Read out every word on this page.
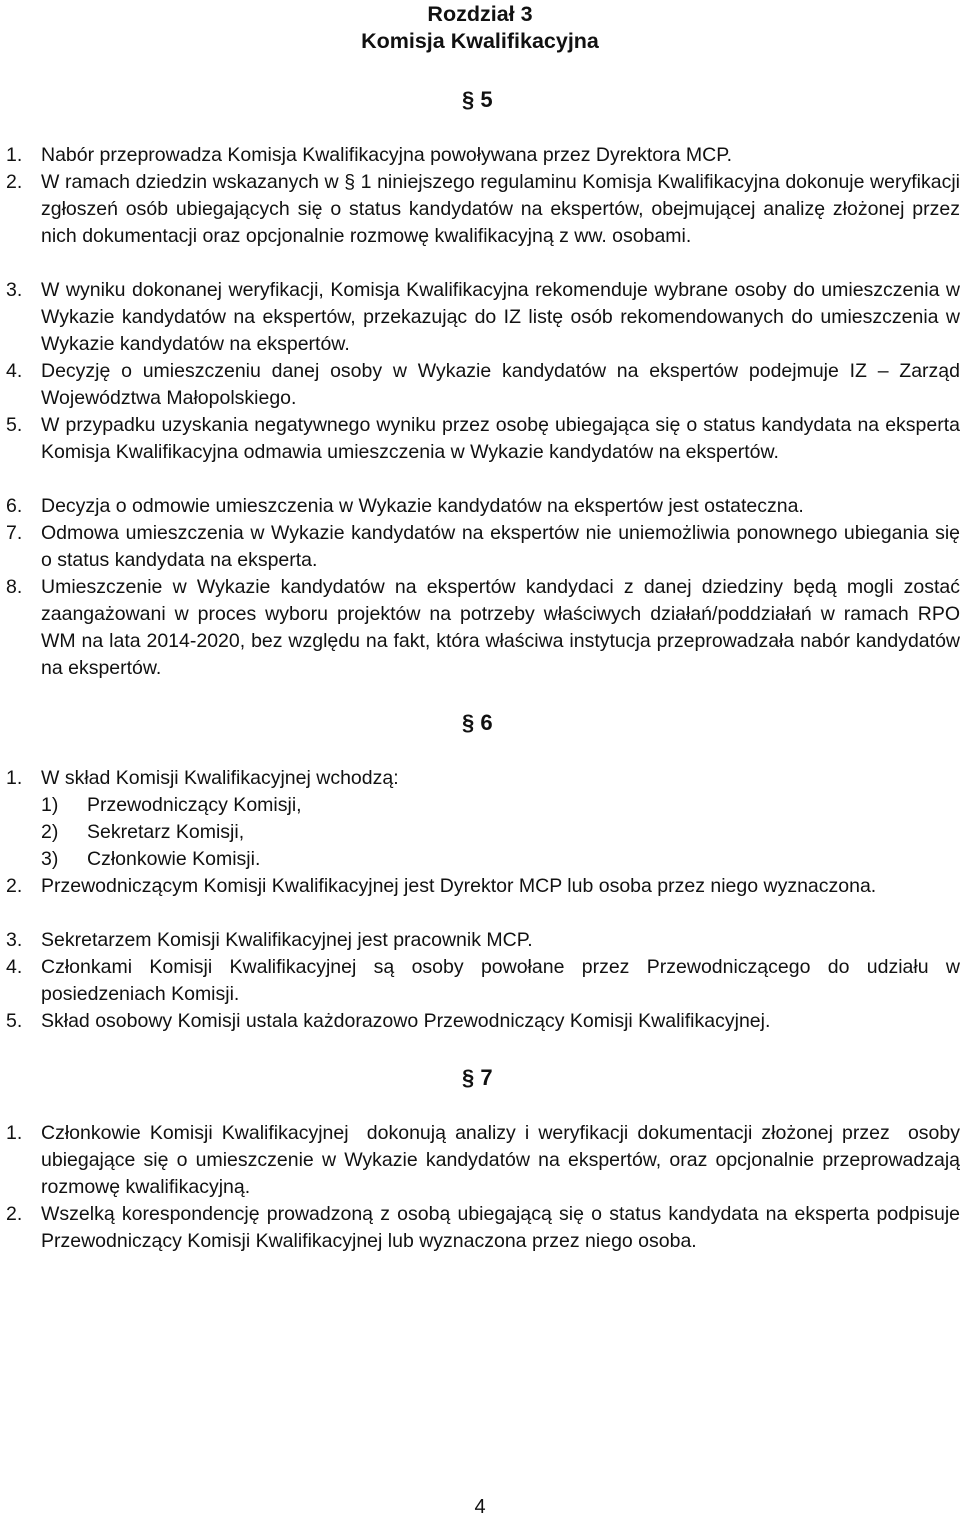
Rozdział 3
Komisja Kwalifikacyjna
§ 5
1. Nabór przeprowadza Komisja Kwalifikacyjna powoływana przez Dyrektora MCP.
2. W ramach dziedzin wskazanych w § 1 niniejszego regulaminu Komisja Kwalifikacyjna dokonuje weryfikacji zgłoszeń osób ubiegających się o status kandydatów na ekspertów, obejmującej analizę złożonej przez nich dokumentacji oraz opcjonalnie rozmowę kwalifikacyjną z ww. osobami.
3. W wyniku dokonanej weryfikacji, Komisja Kwalifikacyjna rekomenduje wybrane osoby do umieszczenia w Wykazie kandydatów na ekspertów, przekazując do IZ listę osób rekomendowanych do umieszczenia w Wykazie kandydatów na ekspertów.
4. Decyzję o umieszczeniu danej osoby w Wykazie kandydatów na ekspertów podejmuje IZ – Zarząd Województwa Małopolskiego.
5. W przypadku uzyskania negatywnego wyniku przez osobę ubiegająca się o status kandydata na eksperta Komisja Kwalifikacyjna odmawia umieszczenia w Wykazie kandydatów na ekspertów.
6. Decyzja o odmowie umieszczenia w Wykazie kandydatów na ekspertów jest ostateczna.
7. Odmowa umieszczenia w Wykazie kandydatów na ekspertów nie uniemożliwia ponownego ubiegania się o status kandydata na eksperta.
8. Umieszczenie w Wykazie kandydatów na ekspertów kandydaci z danej dziedziny będą mogli zostać zaangażowani w proces wyboru projektów na potrzeby właściwych działań/poddziałań w ramach RPO WM na lata 2014-2020, bez względu na fakt, która właściwa instytucja przeprowadzała nabór kandydatów na ekspertów.
§ 6
1. W skład Komisji Kwalifikacyjnej wchodzą:
1) Przewodniczący Komisji,
2) Sekretarz Komisji,
3) Członkowie Komisji.
2. Przewodniczącym Komisji Kwalifikacyjnej jest Dyrektor MCP lub osoba przez niego wyznaczona.
3. Sekretarzem Komisji Kwalifikacyjnej jest pracownik MCP.
4. Członkami Komisji Kwalifikacyjnej są osoby powołane przez Przewodniczącego do udziału w posiedzeniach Komisji.
5. Skład osobowy Komisji ustala każdorazowo Przewodniczący Komisji Kwalifikacyjnej.
§ 7
1. Członkowie Komisji Kwalifikacyjnej  dokonują analizy i weryfikacji dokumentacji złożonej przez  osoby ubiegające się o umieszczenie w Wykazie kandydatów na ekspertów, oraz opcjonalnie przeprowadzają  rozmowę kwalifikacyjną.
2. Wszelką korespondencję prowadzoną z osobą ubiegającą się o status kandydata na eksperta podpisuje Przewodniczący Komisji Kwalifikacyjnej lub wyznaczona przez niego osoba.
4
